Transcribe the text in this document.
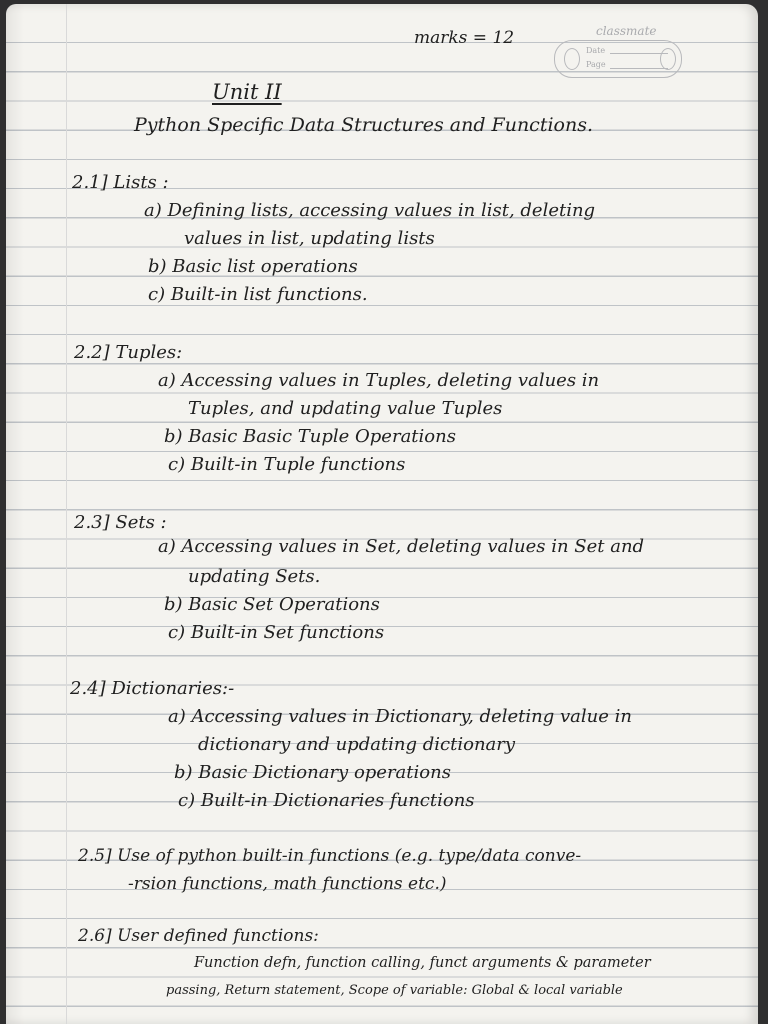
classmate
Date
Page
marks = 12
Unit II
Python Specific Data Structures and Functions.
2.1] Lists :
a) Defining lists, accessing values in list, deleting
values in list, updating lists
b) Basic list operations
c) Built-in list functions.
2.2] Tuples:
a) Accessing values in Tuples, deleting values in
Tuples, and updating value Tuples
b) Basic Basic Tuple Operations
c) Built-in Tuple functions
2.3] Sets :
a) Accessing values in Set, deleting values in Set and
updating Sets.
b) Basic Set Operations
c) Built-in Set functions
2.4] Dictionaries:-
a) Accessing values in Dictionary, deleting value in
dictionary and updating dictionary
b) Basic Dictionary operations
c) Built-in Dictionaries functions
2.5] Use of python built-in functions (e.g. type/data conve-
-rsion functions, math functions etc.)
2.6] User defined functions:
Function defn, function calling, funct arguments & parameter
passing, Return statement, Scope of variable: Global & local variable
